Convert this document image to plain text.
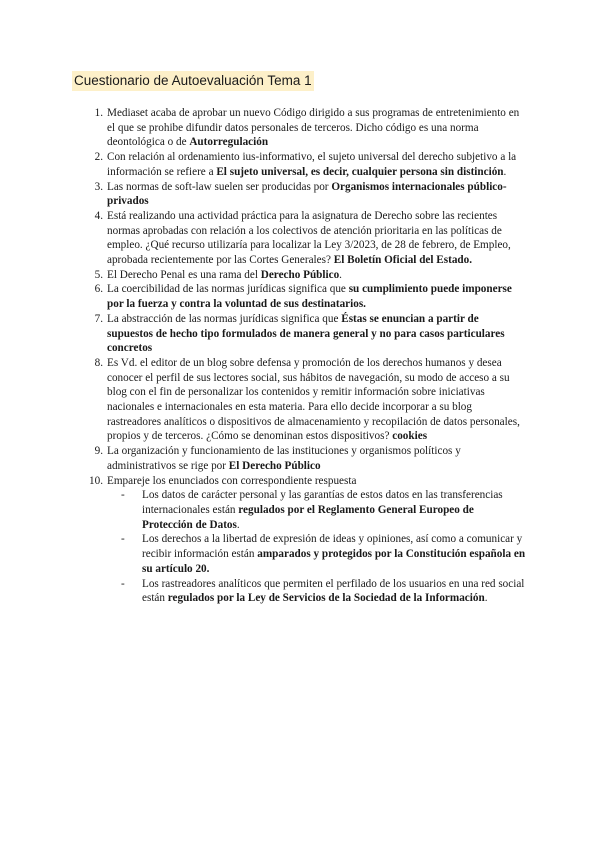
Cuestionario de Autoevaluación Tema 1
1. Mediaset acaba de aprobar un nuevo Código dirigido a sus programas de entretenimiento en el que se prohibe difundir datos personales de terceros. Dicho código es una norma deontológica o de Autorregulación
2. Con relación al ordenamiento ius-informativo, el sujeto universal del derecho subjetivo a la información se refiere a El sujeto universal, es decir, cualquier persona sin distinción.
3. Las normas de soft-law suelen ser producidas por Organismos internacionales público-privados
4. Está realizando una actividad práctica para la asignatura de Derecho sobre las recientes normas aprobadas con relación a los colectivos de atención prioritaria en las políticas de empleo. ¿Qué recurso utilizaría para localizar la Ley 3/2023, de 28 de febrero, de Empleo, aprobada recientemente por las Cortes Generales? El Boletín Oficial del Estado.
5. El Derecho Penal es una rama del Derecho Público.
6. La coercibilidad de las normas jurídicas significa que su cumplimiento puede imponerse por la fuerza y contra la voluntad de sus destinatarios.
7. La abstracción de las normas jurídicas significa que Éstas se enuncian a partir de supuestos de hecho tipo formulados de manera general y no para casos particulares concretos
8. Es Vd. el editor de un blog sobre defensa y promoción de los derechos humanos y desea conocer el perfil de sus lectores social, sus hábitos de navegación, su modo de acceso a su blog con el fin de personalizar los contenidos y remitir información sobre iniciativas nacionales e internacionales en esta materia. Para ello decide incorporar a su blog rastreadores analíticos o dispositivos de almacenamiento y recopilación de datos personales, propios y de terceros. ¿Cómo se denominan estos dispositivos? cookies
9. La organización y funcionamiento de las instituciones y organismos políticos y administrativos se rige por El Derecho Público
10. Empareje los enunciados con correspondiente respuesta
- Los datos de carácter personal y las garantías de estos datos en las transferencias internacionales están regulados por el Reglamento General Europeo de Protección de Datos.
- Los derechos a la libertad de expresión de ideas y opiniones, así como a comunicar y recibir información están amparados y protegidos por la Constitución española en su artículo 20.
- Los rastreadores analíticos que permiten el perfilado de los usuarios en una red social están regulados por la Ley de Servicios de la Sociedad de la Información.
